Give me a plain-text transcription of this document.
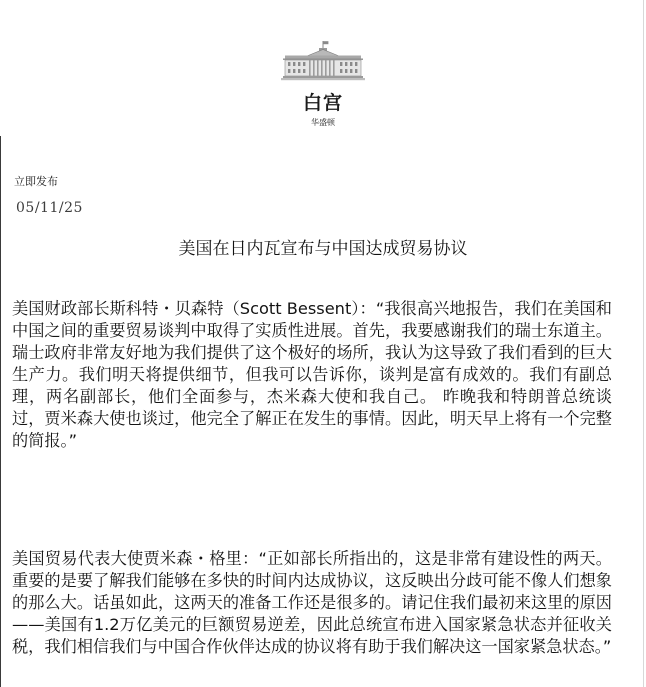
白宫
华盛顿
立即发布
05/11/25
美国在日内瓦宣布与中国达成贸易协议
美国财政部长斯科特・贝森特（Scott Bessent）：“我很高兴地报告，我们在美国和中国之间的重要贸易谈判中取得了实质性进展。首先，我要感谢我们的瑞士东道主。瑞士政府非常友好地为我们提供了这个极好的场所，我认为这导致了我们看到的巨大生产力。我们明天将提供细节，但我可以告诉你，谈判是富有成效的。我们有副总理，两名副部长，他们全面参与，杰米森大使和我自己。 昨晚我和特朗普总统谈过，贾米森大使也谈过，他完全了解正在发生的事情。因此，明天早上将有一个完整的简报。”
美国贸易代表大使贾米森・格里：“正如部长所指出的，这是非常有建设性的两天。重要的是要了解我们能够在多快的时间内达成协议，这反映出分歧可能不像人们想象的那么大。话虽如此，这两天的准备工作还是很多的。请记住我们最初来这里的原因——美国有1.2万亿美元的巨额贸易逆差，因此总统宣布进入国家紧急状态并征收关税，我们相信我们与中国合作伙伴达成的协议将有助于我们解决这一国家紧急状态。”
